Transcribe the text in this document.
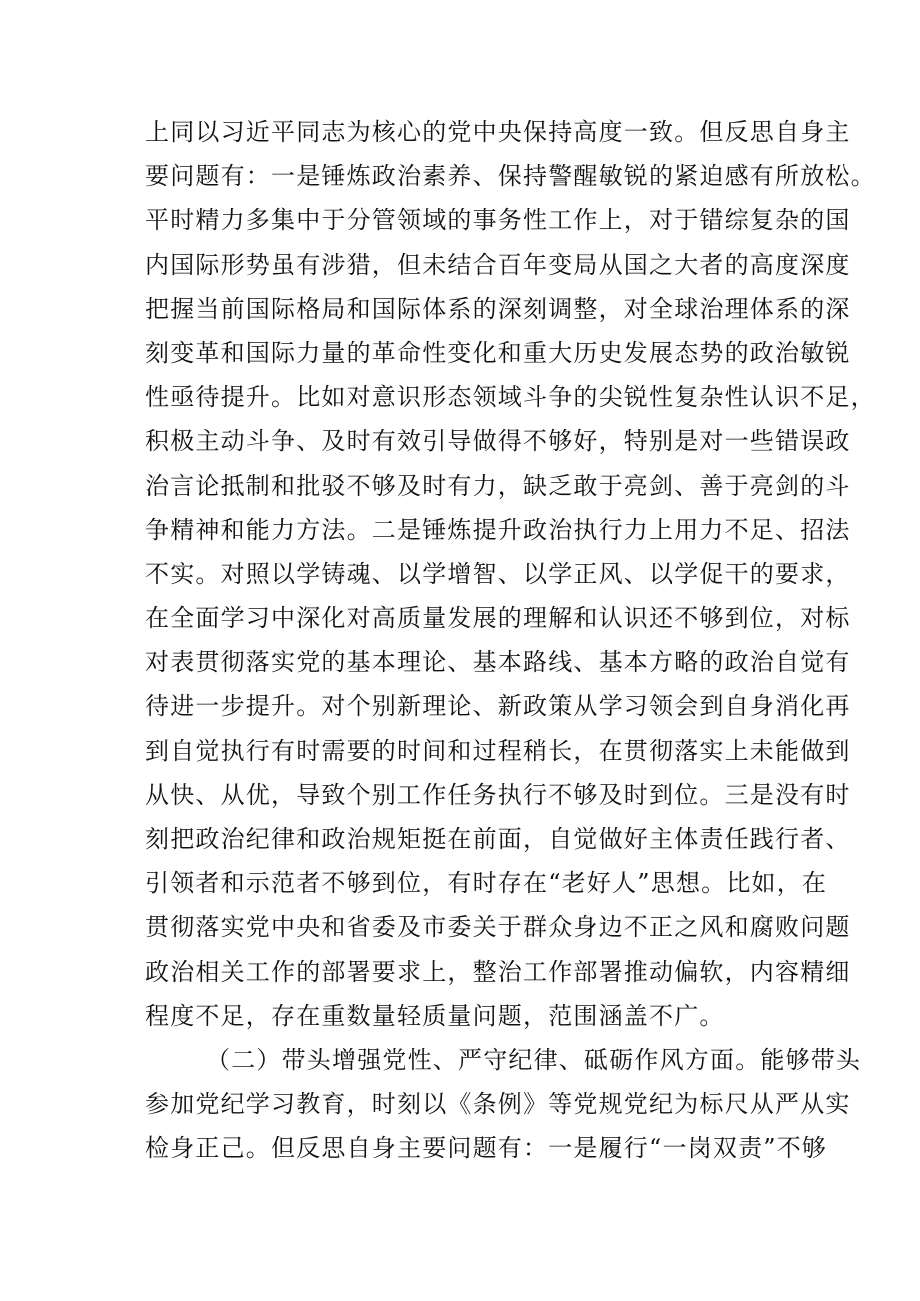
上同以习近平同志为核心的党中央保持高度一致。但反思自身主
要问题有：一是锤炼政治素养、保持警醒敏锐的紧迫感有所放松。
平时精力多集中于分管领域的事务性工作上，对于错综复杂的国
内国际形势虽有涉猎，但未结合百年变局从国之大者的高度深度
把握当前国际格局和国际体系的深刻调整，对全球治理体系的深
刻变革和国际力量的革命性变化和重大历史发展态势的政治敏锐
性亟待提升。比如对意识形态领域斗争的尖锐性复杂性认识不足，
积极主动斗争、及时有效引导做得不够好，特别是对一些错误政
治言论抵制和批驳不够及时有力，缺乏敢于亮剑、善于亮剑的斗
争精神和能力方法。二是锤炼提升政治执行力上用力不足、招法
不实。对照以学铸魂、以学增智、以学正风、以学促干的要求，
在全面学习中深化对高质量发展的理解和认识还不够到位，对标
对表贯彻落实党的基本理论、基本路线、基本方略的政治自觉有
待进一步提升。对个别新理论、新政策从学习领会到自身消化再
到自觉执行有时需要的时间和过程稍长，在贯彻落实上未能做到
从快、从优，导致个别工作任务执行不够及时到位。三是没有时
刻把政治纪律和政治规矩挺在前面，自觉做好主体责任践行者、
引领者和示范者不够到位，有时存在“老好人”思想。比如，在
贯彻落实党中央和省委及市委关于群众身边不正之风和腐败问题
政治相关工作的部署要求上，整治工作部署推动偏软，内容精细
程度不足，存在重数量轻质量问题，范围涵盖不广。
（二）带头增强党性、严守纪律、砥砺作风方面。能够带头
参加党纪学习教育，时刻以《条例》等党规党纪为标尺从严从实
检身正己。但反思自身主要问题有：一是履行“一岗双责”不够
